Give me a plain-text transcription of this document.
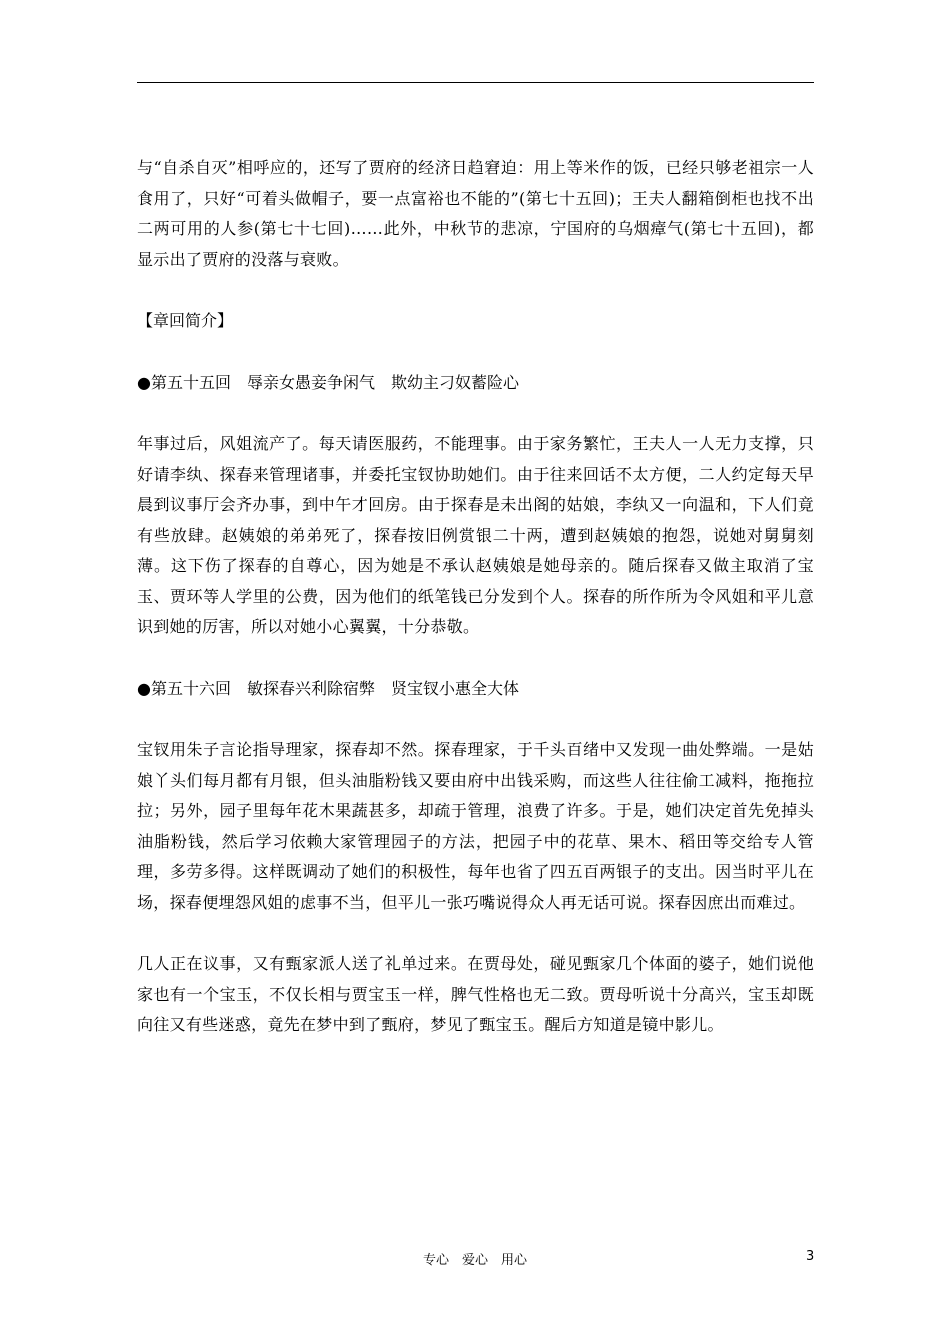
与“自杀自灭”相呼应的，还写了贾府的经济日趋窘迫：用上等米作的饭，已经只够老祖宗一人食用了，只好“可着头做帽子，要一点富裕也不能的”(第七十五回)；王夫人翻箱倒柜也找不出二两可用的人参(第七十七回)……此外，中秋节的悲凉，宁国府的乌烟瘴气(第七十五回)，都显示出了贾府的没落与衰败。

【章回简介】

●第五十五回　辱亲女愚妾争闲气　欺幼主刁奴蓄险心

年事过后，风姐流产了。每天请医服药，不能理事。由于家务繁忙，王夫人一人无力支撑，只好请李纨、探春来管理诸事，并委托宝钗协助她们。由于往来回话不太方便，二人约定每天早晨到议事厅会齐办事，到中午才回房。由于探春是未出阁的姑娘，李纨又一向温和，下人们竟有些放肆。赵姨娘的弟弟死了，探春按旧例赏银二十两，遭到赵姨娘的抱怨，说她对舅舅刻薄。这下伤了探春的自尊心，因为她是不承认赵姨娘是她母亲的。随后探春又做主取消了宝玉、贾环等人学里的公费，因为他们的纸笔钱已分发到个人。探春的所作所为令风姐和平儿意识到她的厉害，所以对她小心翼翼，十分恭敬。

●第五十六回　敏探春兴利除宿弊　贤宝钗小惠全大体

宝钗用朱子言论指导理家，探春却不然。探春理家，于千头百绪中又发现一曲处弊端。一是姑娘丫头们每月都有月银，但头油脂粉钱又要由府中出钱采购，而这些人往往偷工减料，拖拖拉拉；另外，园子里每年花木果蔬甚多，却疏于管理，浪费了许多。于是，她们决定首先免掉头油脂粉钱，然后学习依赖大家管理园子的方法，把园子中的花草、果木、稻田等交给专人管理，多劳多得。这样既调动了她们的积极性，每年也省了四五百两银子的支出。因当时平儿在场，探春便埋怨风姐的虑事不当，但平儿一张巧嘴说得众人再无话可说。探春因庶出而难过。

几人正在议事，又有甄家派人送了礼单过来。在贾母处，碰见甄家几个体面的婆子，她们说他家也有一个宝玉，不仅长相与贾宝玉一样，脾气性格也无二致。贾母听说十分高兴，宝玉却既向往又有些迷惑，竟先在梦中到了甄府，梦见了甄宝玉。醒后方知道是镜中影儿。

专心　爱心　用心	3
